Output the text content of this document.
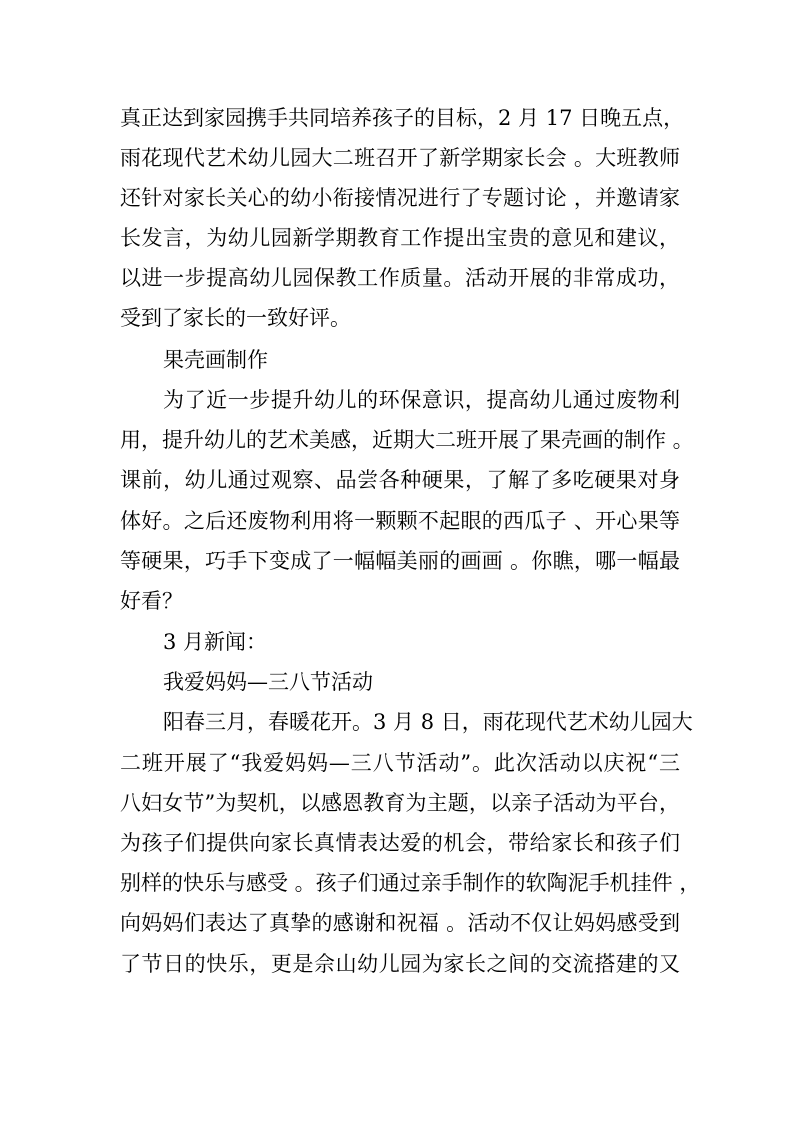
真正达到家园携手共同培养孩子的目标，2 月 17 日晚五点，
雨花现代艺术幼儿园大二班召开了新学期家长会 。大班教师
还针对家长关心的幼小衔接情况进行了专题讨论 ，并邀请家
长发言，为幼儿园新学期教育工作提出宝贵的意见和建议，
以进一步提高幼儿园保教工作质量。活动开展的非常成功，
受到了家长的一致好评。
果壳画制作
为了近一步提升幼儿的环保意识，提高幼儿通过废物利
用，提升幼儿的艺术美感，近期大二班开展了果壳画的制作 。
课前，幼儿通过观察、品尝各种硬果，了解了多吃硬果对身
体好。之后还废物利用将一颗颗不起眼的西瓜子 、开心果等
等硬果，巧手下变成了一幅幅美丽的画画 。你瞧，哪一幅最
好看？
3 月新闻：
我爱妈妈—三八节活动
阳春三月，春暖花开。3 月 8 日，雨花现代艺术幼儿园大
二班开展了“我爱妈妈—三八节活动”。此次活动以庆祝“三
八妇女节”为契机，以感恩教育为主题，以亲子活动为平台，
为孩子们提供向家长真情表达爱的机会，带给家长和孩子们
别样的快乐与感受 。孩子们通过亲手制作的软陶泥手机挂件 ，
向妈妈们表达了真挚的感谢和祝福 。活动不仅让妈妈感受到
了节日的快乐，更是佘山幼儿园为家长之间的交流搭建的又
